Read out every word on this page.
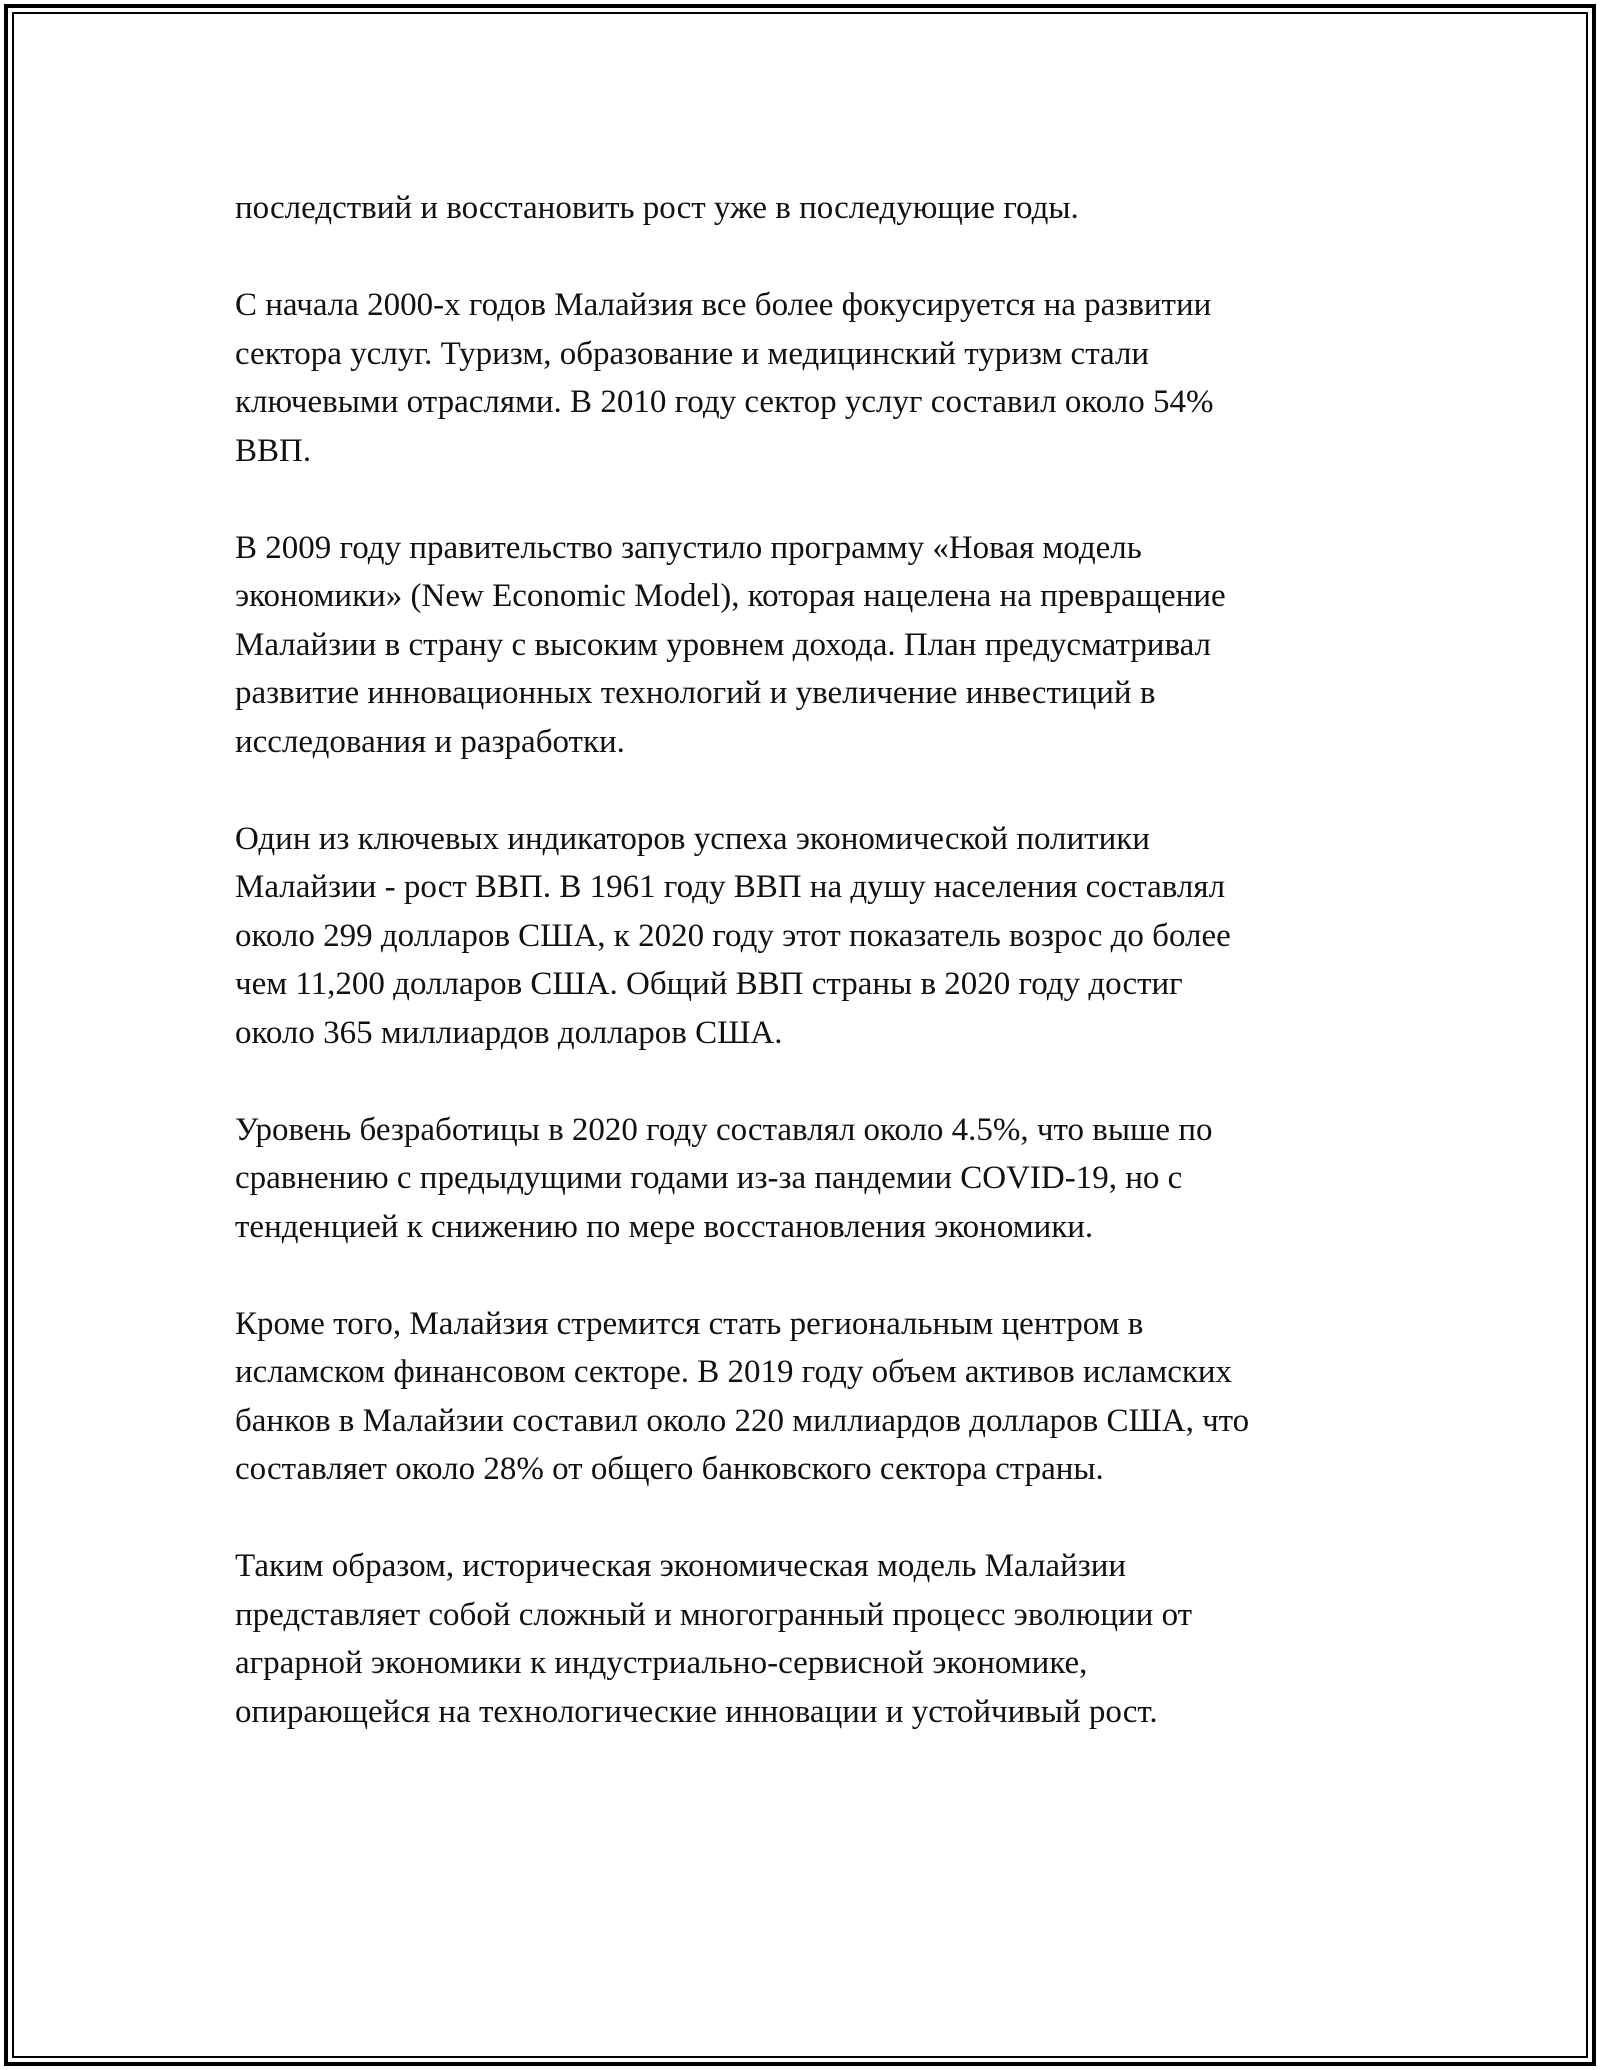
последствий и восстановить рост уже в последующие годы.

С начала 2000-х годов Малайзия все более фокусируется на развитии
сектора услуг. Туризм, образование и медицинский туризм стали
ключевыми отраслями. В 2010 году сектор услуг составил около 54%
ВВП.

В 2009 году правительство запустило программу «Новая модель
экономики» (New Economic Model), которая нацелена на превращение
Малайзии в страну с высоким уровнем дохода. План предусматривал
развитие инновационных технологий и увеличение инвестиций в
исследования и разработки.

Один из ключевых индикаторов успеха экономической политики
Малайзии - рост ВВП. В 1961 году ВВП на душу населения составлял
около 299 долларов США, к 2020 году этот показатель возрос до более
чем 11,200 долларов США. Общий ВВП страны в 2020 году достиг
около 365 миллиардов долларов США.

Уровень безработицы в 2020 году составлял около 4.5%, что выше по
сравнению с предыдущими годами из-за пандемии COVID-19, но с
тенденцией к снижению по мере восстановления экономики.

Кроме того, Малайзия стремится стать региональным центром в
исламском финансовом секторе. В 2019 году объем активов исламских
банков в Малайзии составил около 220 миллиардов долларов США, что
составляет около 28% от общего банковского сектора страны.

Таким образом, историческая экономическая модель Малайзии
представляет собой сложный и многогранный процесс эволюции от
аграрной экономики к индустриально-сервисной экономике,
опирающейся на технологические инновации и устойчивый рост.
